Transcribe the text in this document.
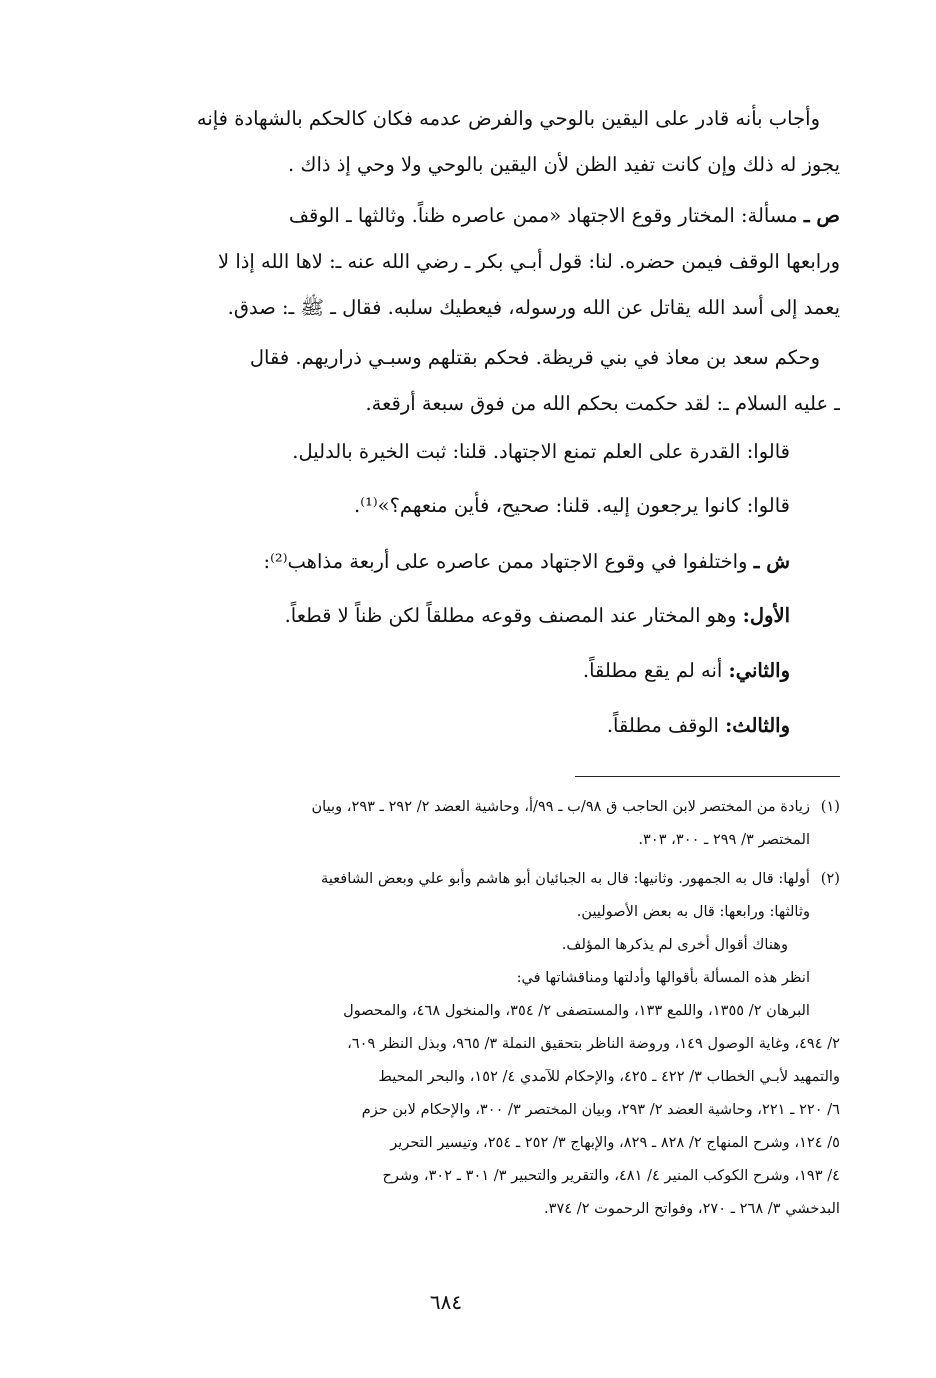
وأجاب بأنه قادر على اليقين بالوحي والفرض عدمه فكان كالحكم بالشهادة فإنه
يجوز له ذلك وإن كانت تفيد الظن لأن اليقين بالوحي ولا وحي إذ ذاك .
ص ـ مسألة: المختار وقوع الاجتهاد «ممن عاصره ظناً. وثالثها ـ الوقف
ورابعها الوقف فيمن حضره. لنا: قول أبـي بكر ـ رضي الله عنه ـ: لاها الله إذا لا
يعمد إلى أسد الله يقاتل عن الله ورسوله، فيعطيك سلبه. فقال ـ ﷺ ـ: صدق.
وحكم سعد بن معاذ في بني قريظة. فحكم بقتلهم وسبـي ذراريهم. فقال
ـ عليه السلام ـ: لقد حكمت بحكم الله من فوق سبعة أرقعة.
قالوا: القدرة على العلم تمنع الاجتهاد. قلنا: ثبت الخيرة بالدليل.
قالوا: كانوا يرجعون إليه. قلنا: صحيح، فأين منعهم؟»⁽¹⁾.
ش ـ واختلفوا في وقوع الاجتهاد ممن عاصره على أربعة مذاهب⁽²⁾:
الأول: وهو المختار عند المصنف وقوعه مطلقاً لكن ظناً لا قطعاً.
والثاني: أنه لم يقع مطلقاً.
والثالث: الوقف مطلقاً.
(١)
زيادة من المختصر لابن الحاجب ق ٩٨/ب ـ ٩٩/أ، وحاشية العضد ٢/ ٢٩٢ ـ ٢٩٣، وبيان
المختصر ٣/ ٢٩٩ ـ ٣٠٠، ٣٠٣.
(٢)
أولها: قال به الجمهور. وثانيها: قال به الجبائيان أبو هاشم وأبو علي وبعض الشافعية
وثالثها: ورابعها: قال به بعض الأصوليين.
وهناك أقوال أخرى لم يذكرها المؤلف.
انظر هذه المسألة بأقوالها وأدلتها ومناقشاتها في:
البرهان ٢/ ١٣٥٥، واللمع ١٣٣، والمستصفى ٢/ ٣٥٤، والمنخول ٤٦٨، والمحصول
٢/ ٤٩٤، وغاية الوصول ١٤٩، وروضة الناظر بتحقيق النملة ٣/ ٩٦٥، وبذل النظر ٦٠٩،
والتمهيد لأبـي الخطاب ٣/ ٤٢٢ ـ ٤٢٥، والإحكام للآمدي ٤/ ١٥٢، والبحر المحيط
٦/ ٢٢٠ ـ ٢٢١، وحاشية العضد ٢/ ٢٩٣، وبيان المختصر ٣/ ٣٠٠، والإحكام لابن حزم
٥/ ١٢٤، وشرح المنهاج ٢/ ٨٢٨ ـ ٨٢٩، والإبهاج ٣/ ٢٥٢ ـ ٢٥٤، وتيسير التحرير
٤/ ١٩٣، وشرح الكوكب المنير ٤/ ٤٨١، والتقرير والتحبير ٣/ ٣٠١ ـ ٣٠٢، وشرح
البدخشي ٣/ ٢٦٨ ـ ٢٧٠، وفواتح الرحموت ٢/ ٣٧٤.
٦٨٤
